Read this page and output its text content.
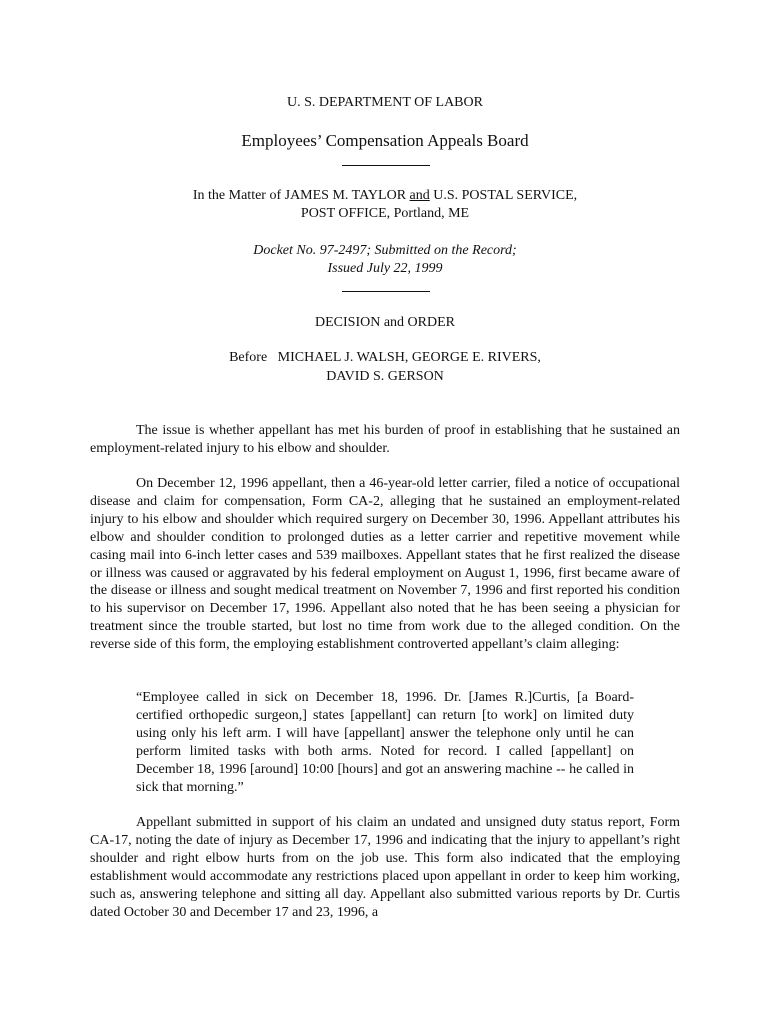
U. S. DEPARTMENT OF LABOR

Employees’ Compensation Appeals Board

In the Matter of JAMES M. TAYLOR and U.S. POSTAL SERVICE,
POST OFFICE, Portland, ME

Docket No. 97-2497; Submitted on the Record;
Issued July 22, 1999

DECISION and ORDER

Before   MICHAEL J. WALSH, GEORGE E. RIVERS,

DAVID S. GERSON

The issue is whether appellant has met his burden of proof in establishing that he sustained an employment-related injury to his elbow and shoulder.

On December 12, 1996 appellant, then a 46-year-old letter carrier, filed a notice of occupational disease and claim for compensation, Form CA-2, alleging that he sustained an employment-related injury to his elbow and shoulder which required surgery on December 30, 1996. Appellant attributes his elbow and shoulder condition to prolonged duties as a letter carrier and repetitive movement while casing mail into 6-inch letter cases and 539 mailboxes. Appellant states that he first realized the disease or illness was caused or aggravated by his federal employment on August 1, 1996, first became aware of the disease or illness and sought medical treatment on November 7, 1996 and first reported his condition to his supervisor on December 17, 1996. Appellant also noted that he has been seeing a physician for treatment since the trouble started, but lost no time from work due to the alleged condition. On the reverse side of this form, the employing establishment controverted appellant’s claim alleging:

“Employee called in sick on December 18, 1996. Dr. [James R.]Curtis, [a Board-certified orthopedic surgeon,] states [appellant] can return [to work] on limited duty using only his left arm. I will have [appellant] answer the telephone only until he can perform limited tasks with both arms. Noted for record. I called [appellant] on December 18, 1996 [around] 10:00 [hours] and got an answering machine -- he called in sick that morning.”

Appellant submitted in support of his claim an undated and unsigned duty status report, Form CA-17, noting the date of injury as December 17, 1996 and indicating that the injury to appellant’s right shoulder and right elbow hurts from on the job use. This form also indicated that the employing establishment would accommodate any restrictions placed upon appellant in order to keep him working, such as, answering telephone and sitting all day. Appellant also submitted various reports by Dr. Curtis dated October 30 and December 17 and 23, 1996, a
